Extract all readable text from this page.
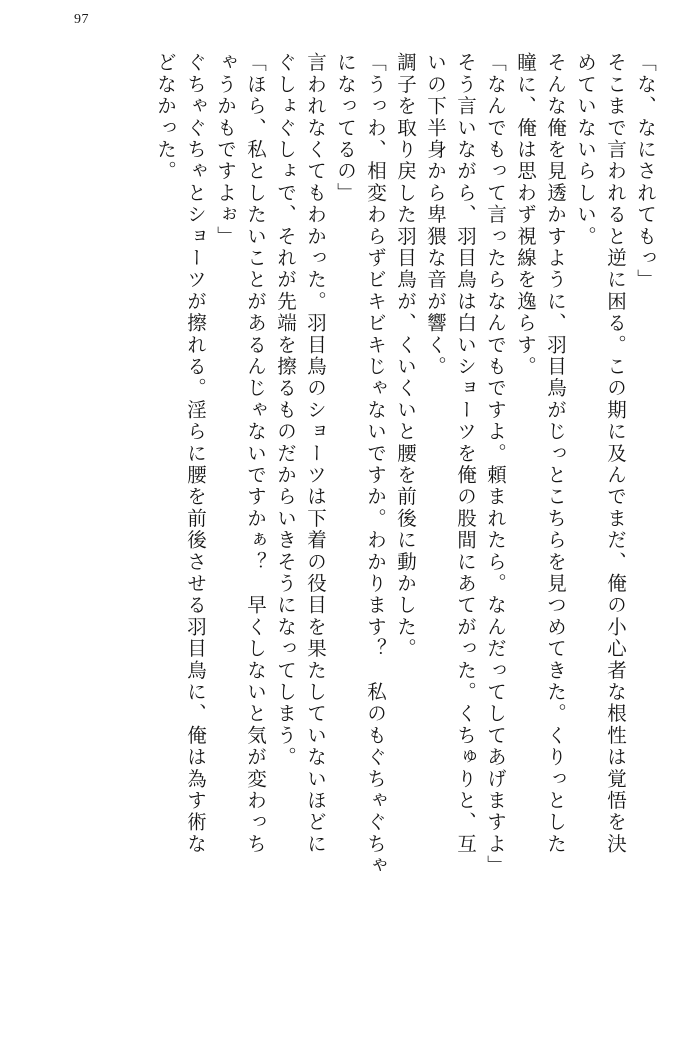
97
「な、なにされてもっ」
そこまで言われると逆に困る。この期に及んでまだ、俺の小心者な根性は覚悟を決
めていないらしい。
そんな俺を見透かすように、羽目鳥がじっとこちらを見つめてきた。くりっとした
瞳に、俺は思わず視線を逸らす。
「なんでもって言ったらなんでもですよ。頼まれたら。なんだってしてあげますよ」
そう言いながら、羽目鳥は白いショーツを俺の股間にあてがった。くちゅりと、互
いの下半身から卑猥な音が響く。
調子を取り戻した羽目鳥が、くいくいと腰を前後に動かした。
「うっわ、相変わらずビキビキじゃないですか。わかります？　私のもぐちゃぐちゃ
になってるの」
言われなくてもわかった。羽目鳥のショーツは下着の役目を果たしていないほどに
ぐしょぐしょで、それが先端を擦るものだからいきそうになってしまう。
「ほら、私としたいことがあるんじゃないですかぁ？　早くしないと気が変わっち
ゃうかもですよぉ」
ぐちゃぐちゃとショーツが擦れる。淫らに腰を前後させる羽目鳥に、俺は為す術な
どなかった。
